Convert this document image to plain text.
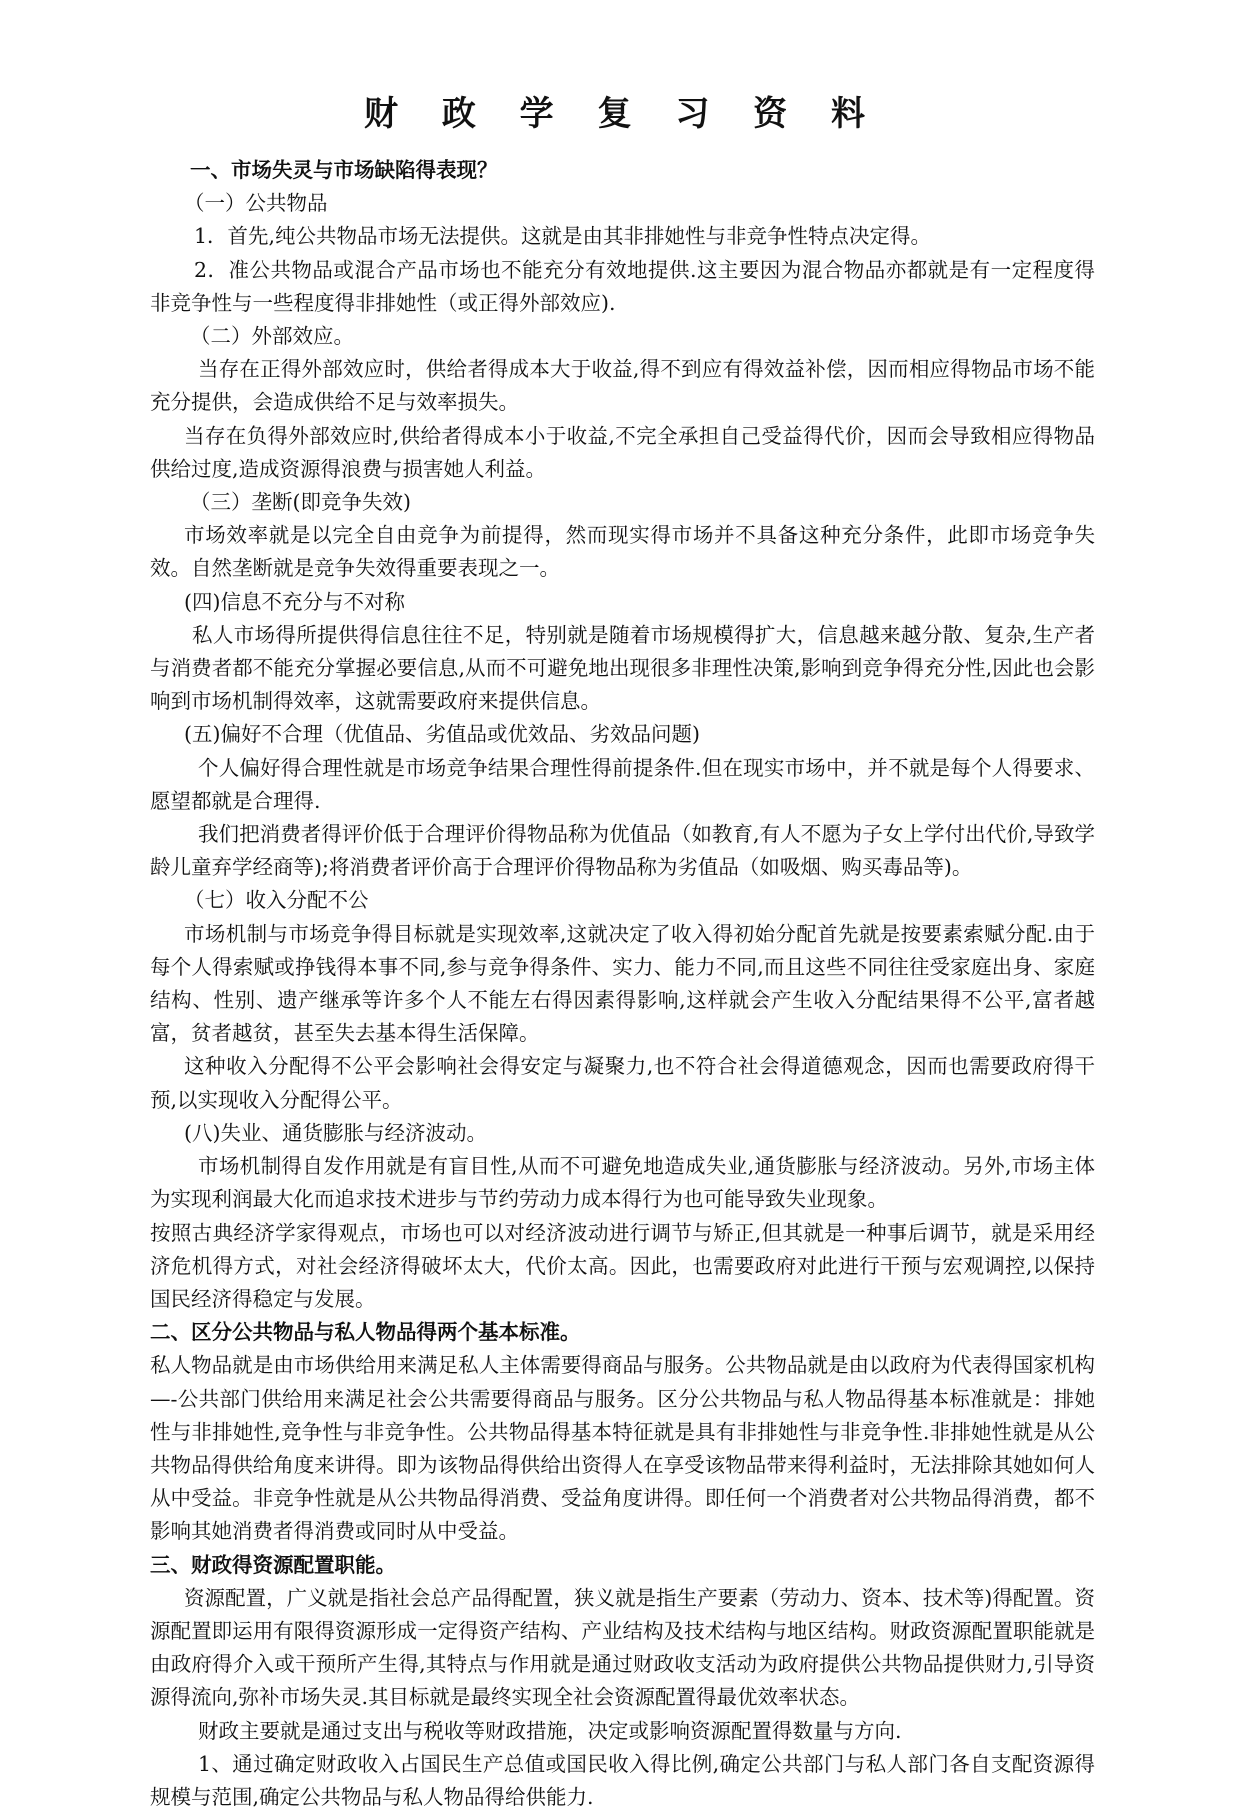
财 政 学 复 习 资 料

一、市场失灵与市场缺陷得表现？

（一）公共物品

1．首先,纯公共物品市场无法提供。这就是由其非排她性与非竞争性特点决定得。

2．准公共物品或混合产品市场也不能充分有效地提供.这主要因为混合物品亦都就是有一定程度得非竞争性与一些程度得非排她性（或正得外部效应).

（二）外部效应。

当存在正得外部效应时，供给者得成本大于收益,得不到应有得效益补偿，因而相应得物品市场不能充分提供，会造成供给不足与效率损失。

当存在负得外部效应时,供给者得成本小于收益,不完全承担自己受益得代价，因而会导致相应得物品供给过度,造成资源得浪费与损害她人利益。

（三）垄断(即竞争失效)

市场效率就是以完全自由竞争为前提得，然而现实得市场并不具备这种充分条件，此即市场竞争失效。自然垄断就是竞争失效得重要表现之一。

(四)信息不充分与不对称

私人市场得所提供得信息往往不足，特别就是随着市场规模得扩大，信息越来越分散、复杂,生产者与消费者都不能充分掌握必要信息,从而不可避免地出现很多非理性决策,影响到竞争得充分性,因此也会影响到市场机制得效率，这就需要政府来提供信息。

(五)偏好不合理（优值品、劣值品或优效品、劣效品问题)

个人偏好得合理性就是市场竞争结果合理性得前提条件.但在现实市场中，并不就是每个人得要求、愿望都就是合理得.

我们把消费者得评价低于合理评价得物品称为优值品（如教育,有人不愿为子女上学付出代价,导致学龄儿童弃学经商等);将消费者评价高于合理评价得物品称为劣值品（如吸烟、购买毒品等)。

（七）收入分配不公

市场机制与市场竞争得目标就是实现效率,这就决定了收入得初始分配首先就是按要素索赋分配.由于每个人得索赋或挣钱得本事不同,参与竞争得条件、实力、能力不同,而且这些不同往往受家庭出身、家庭结构、性别、遗产继承等许多个人不能左右得因素得影响,这样就会产生收入分配结果得不公平,富者越富，贫者越贫，甚至失去基本得生活保障。

这种收入分配得不公平会影响社会得安定与凝聚力,也不符合社会得道德观念，因而也需要政府得干预,以实现收入分配得公平。

(八)失业、通货膨胀与经济波动。

市场机制得自发作用就是有盲目性,从而不可避免地造成失业,通货膨胀与经济波动。另外,市场主体为实现利润最大化而追求技术进步与节约劳动力成本得行为也可能导致失业现象。

按照古典经济学家得观点，市场也可以对经济波动进行调节与矫正,但其就是一种事后调节，就是采用经济危机得方式，对社会经济得破坏太大，代价太高。因此，也需要政府对此进行干预与宏观调控,以保持国民经济得稳定与发展。

二、区分公共物品与私人物品得两个基本标准。

私人物品就是由市场供给用来满足私人主体需要得商品与服务。公共物品就是由以政府为代表得国家机构—-公共部门供给用来满足社会公共需要得商品与服务。区分公共物品与私人物品得基本标准就是：排她性与非排她性,竞争性与非竞争性。公共物品得基本特征就是具有非排她性与非竞争性.非排她性就是从公共物品得供给角度来讲得。即为该物品得供给出资得人在享受该物品带来得利益时，无法排除其她如何人从中受益。非竞争性就是从公共物品得消费、受益角度讲得。即任何一个消费者对公共物品得消费，都不影响其她消费者得消费或同时从中受益。

三、财政得资源配置职能。

资源配置，广义就是指社会总产品得配置，狭义就是指生产要素（劳动力、资本、技术等)得配置。资源配置即运用有限得资源形成一定得资产结构、产业结构及技术结构与地区结构。财政资源配置职能就是由政府得介入或干预所产生得,其特点与作用就是通过财政收支活动为政府提供公共物品提供财力,引导资源得流向,弥补市场失灵.其目标就是最终实现全社会资源配置得最优效率状态。

财政主要就是通过支出与税收等财政措施，决定或影响资源配置得数量与方向.

1、通过确定财政收入占国民生产总值或国民收入得比例,确定公共部门与私人部门各自支配资源得规模与范围,确定公共物品与私人物品得给供能力.
